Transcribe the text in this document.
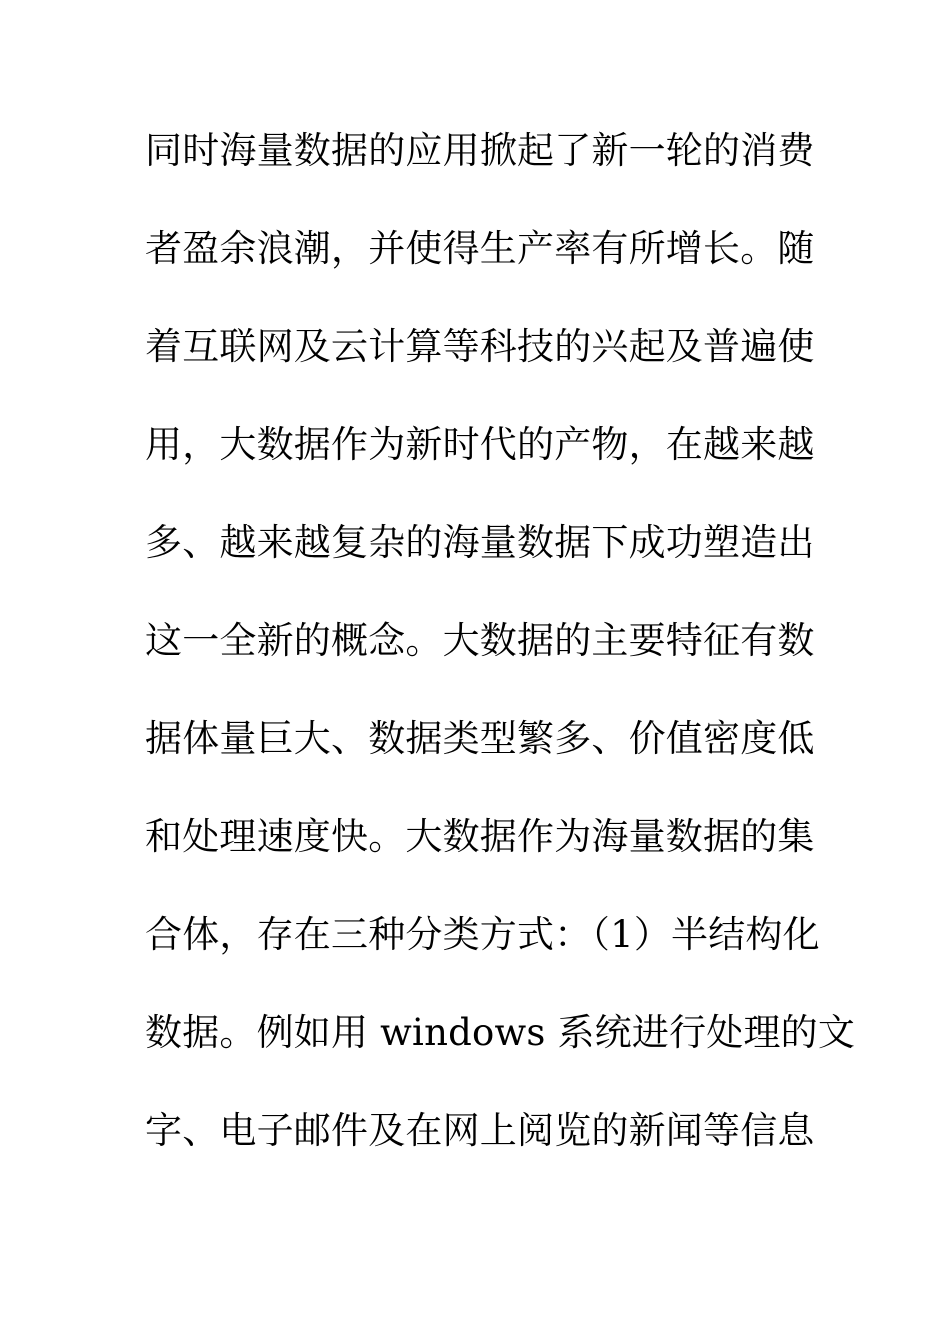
同时海量数据的应用掀起了新一轮的消费
者盈余浪潮，并使得生产率有所增长。随
着互联网及云计算等科技的兴起及普遍使
用，大数据作为新时代的产物，在越来越
多、越来越复杂的海量数据下成功塑造出
这一全新的概念。大数据的主要特征有数
据体量巨大、数据类型繁多、价值密度低
和处理速度快。大数据作为海量数据的集
合体，存在三种分类方式：（1）半结构化
数据。例如用 windows 系统进行处理的文
字、电子邮件及在网上阅览的新闻等信息
